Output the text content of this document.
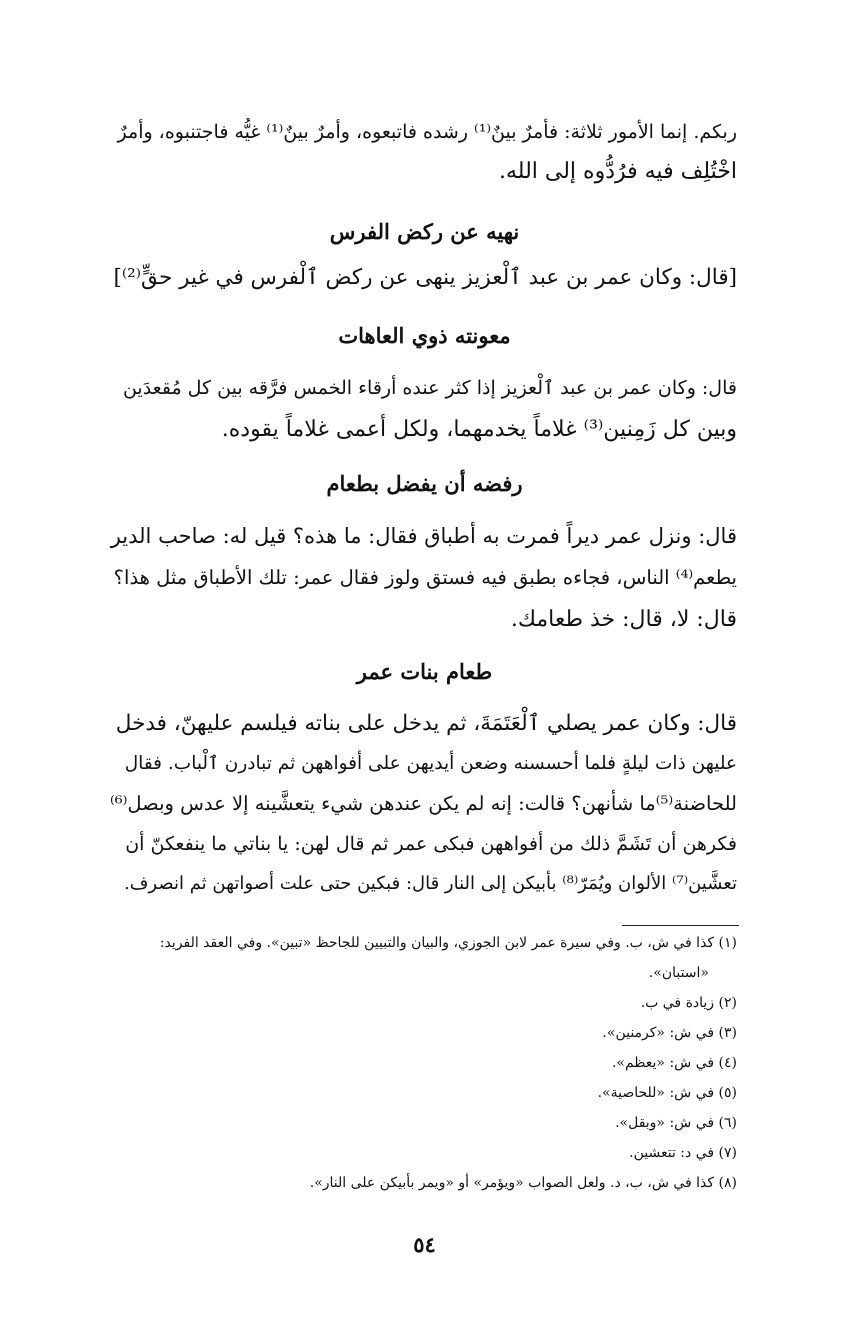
ربكم. إنما الأمور ثلاثة: فأمرٌ بينٌ⁽¹⁾ رشده فاتبعوه، وأمرٌ بينٌ⁽¹⁾ غيُّه فاجتنبوه، وأمرٌ
اخْتُلِف فيه فرُدُّوه إلى الله.
نهيه عن ركض الفرس
[قال: وكان عمر بن عبد ٱلْعزيز ينهى عن ركض ٱلْفرس في غير حقٍّ⁽²⁾]
معونته ذوي العاهات
قال: وكان عمر بن عبد ٱلْعزيز إذا كثر عنده أرقاء الخمس فرَّقه بين كل مُقعدَين
وبين كل زَمِنين⁽³⁾ غلاماً يخدمهما، ولكل أعمى غلاماً يقوده.
رفضه أن يفضل بطعام
قال: ونزل عمر ديراً فمرت به أطباق فقال: ما هذه؟ قيل له: صاحب الدير
يطعم⁽⁴⁾ الناس، فجاءه بطبق فيه فستق ولوز فقال عمر: تلك الأطباق مثل هذا؟
قال: لا، قال: خذ طعامك.
طعام بنات عمر
قال: وكان عمر يصلي ٱلْعَتَمَةَ، ثم يدخل على بناته فيلسم عليهنّ، فدخل
عليهن ذات ليلةٍ فلما أحسسنه وضعن أيديهن على أفواههن ثم تبادرن ٱلْباب. فقال
للحاضنة⁽⁵⁾ما شأنهن؟ قالت: إنه لم يكن عندهن شيء يتعشَّينه إلا عدس وبصل⁽⁶⁾
فكرهن أن تَشَمَّ ذلك من أفواههن فبكى عمر ثم قال لهن: يا بناتي ما ينفعكنّ أن
تعشَّين⁽⁷⁾ الألوان ويُمَرّ⁽⁸⁾ بأبيكن إلى النار قال: فبكين حتى علت أصواتهن ثم انصرف.
(١) كذا في ش، ب. وفي سيرة عمر لابن الجوزي، والبيان والتبيين للجاحظ «تبين». وفي العقد الفريد:
«استبان».
(٢) زيادة في ب.
(٣) في ش: «كرمنين».
(٤) في ش: «يعظم».
(٥) في ش: «للحاصية».
(٦) في ش: «وبقل».
(٧) في د: تتعشين.
(٨) كذا في ش، ب، د. ولعل الصواب «ويؤمر» أو «ويمر بأبيكن على النار».
٥٤
